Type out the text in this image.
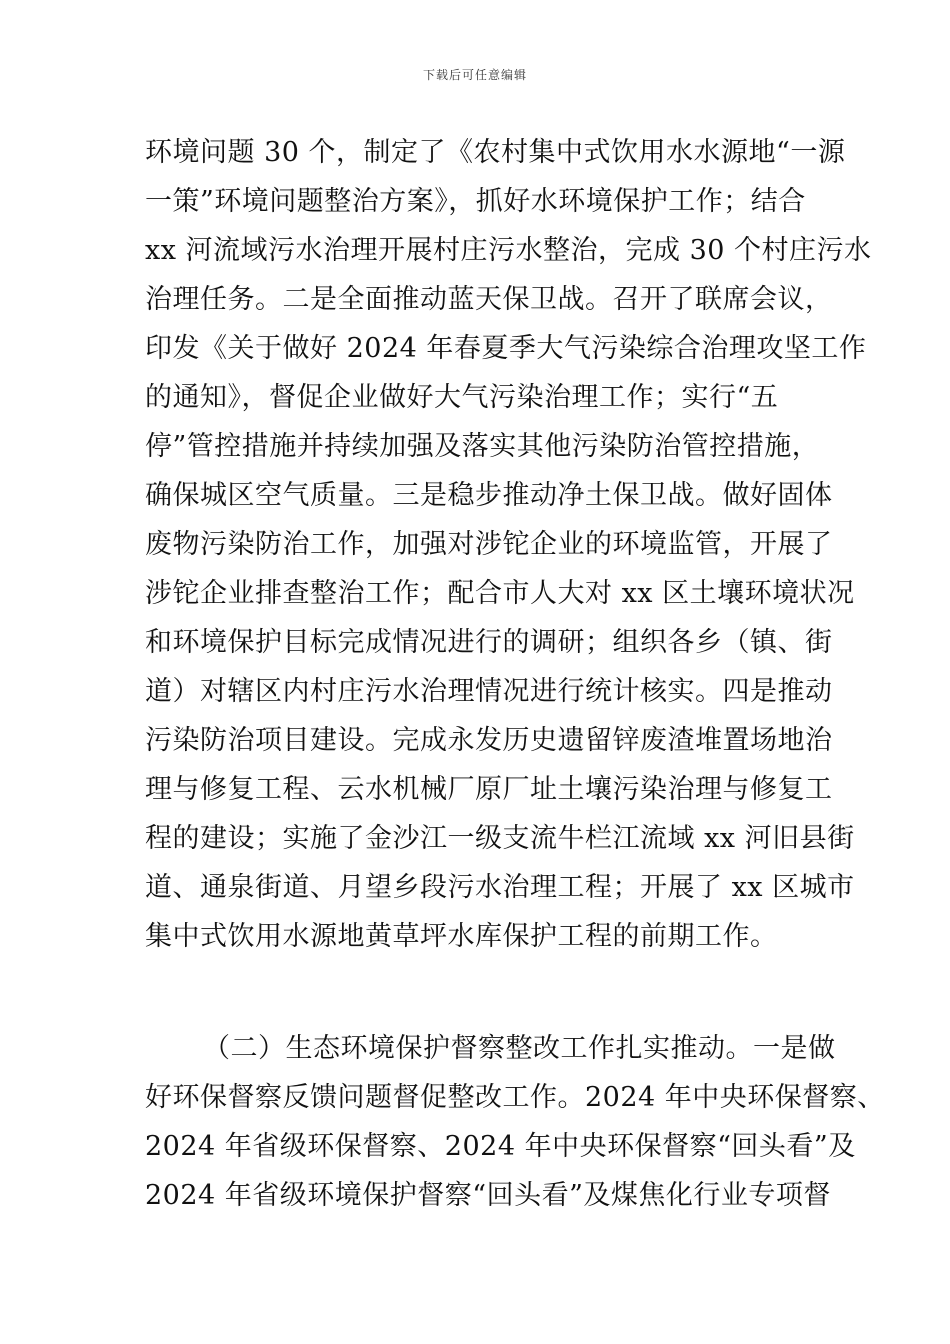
下载后可任意编辑
环境问题 30 个，制定了《农村集中式饮用水水源地“一源
一策”环境问题整治方案》，抓好水环境保护工作；结合
xx 河流域污水治理开展村庄污水整治，完成 30 个村庄污水
治理任务。二是全面推动蓝天保卫战。召开了联席会议，
印发《关于做好 2024 年春夏季大气污染综合治理攻坚工作
的通知》，督促企业做好大气污染治理工作；实行“五
停”管控措施并持续加强及落实其他污染防治管控措施，
确保城区空气质量。三是稳步推动净土保卫战。做好固体
废物污染防治工作，加强对涉铊企业的环境监管，开展了
涉铊企业排查整治工作；配合市人大对 xx 区土壤环境状况
和环境保护目标完成情况进行的调研；组织各乡（镇、街
道）对辖区内村庄污水治理情况进行统计核实。四是推动
污染防治项目建设。完成永发历史遗留锌废渣堆置场地治
理与修复工程、云水机械厂原厂址土壤污染治理与修复工
程的建设；实施了金沙江一级支流牛栏江流域 xx 河旧县街
道、通泉街道、月望乡段污水治理工程；开展了 xx 区城市
集中式饮用水源地黄草坪水库保护工程的前期工作。
（二）生态环境保护督察整改工作扎实推动。一是做
好环保督察反馈问题督促整改工作。2024 年中央环保督察、
2024 年省级环保督察、2024 年中央环保督察“回头看”及
2024 年省级环境保护督察“回头看”及煤焦化行业专项督
